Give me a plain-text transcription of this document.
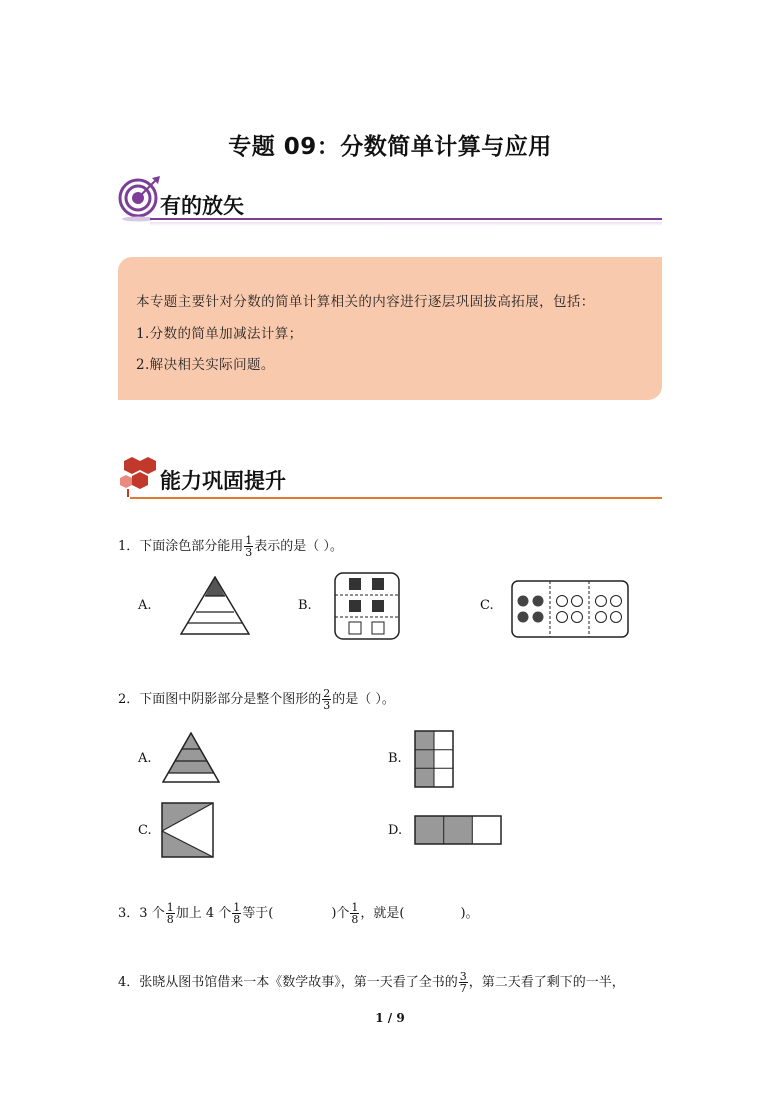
专题 09：分数简单计算与应用
有的放矢
本专题主要针对分数的简单计算相关的内容进行逐层巩固拔高拓展，包括：
1.分数的简单加减法计算；
2.解决相关实际问题。
能力巩固提升
1．下面涂色部分能用 $\frac{1}{3}$ 表示的是（ ）。
A.	B.	C.
2．下面图中阴影部分是整个图形的 $\frac{2}{3}$ 的是（ ）。
A.	B.
C.	D.
3．3 个 $\frac{1}{8}$ 加上 4 个 $\frac{1}{8}$ 等于(	)个 $\frac{1}{8}$ ，就是(	)。
4．张晓从图书馆借来一本《数学故事》，第一天看了全书的 $\frac{3}{7}$ ，第二天看了剩下的一半，
1 / 9
